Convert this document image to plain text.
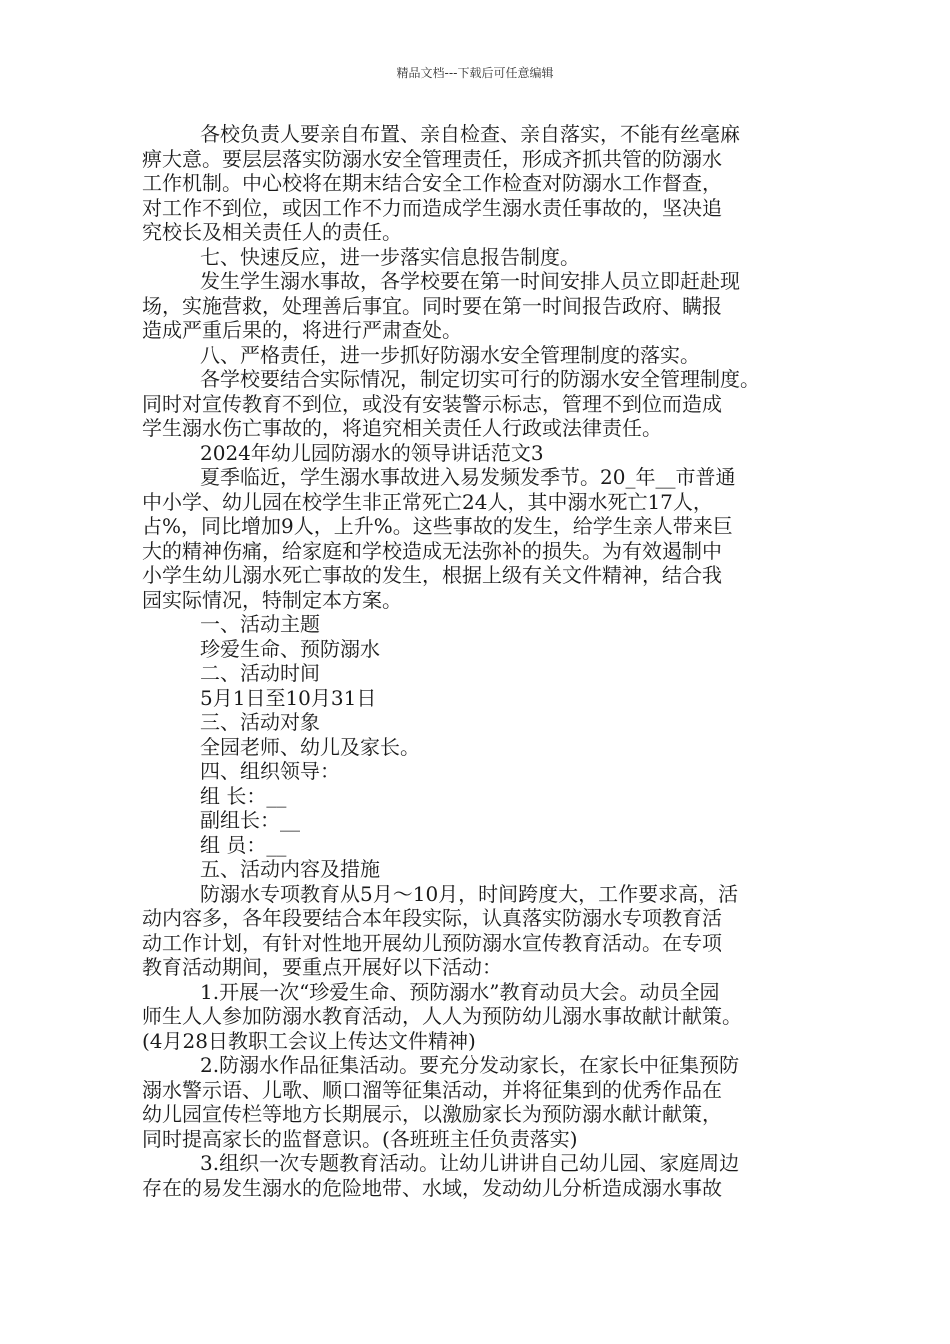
精品文档---下载后可任意编辑
各校负责人要亲自布置、亲自检查、亲自落实，不能有丝毫麻
痹大意。要层层落实防溺水安全管理责任，形成齐抓共管的防溺水
工作机制。中心校将在期末结合安全工作检查对防溺水工作督查，
对工作不到位，或因工作不力而造成学生溺水责任事故的，坚决追
究校长及相关责任人的责任。
七、快速反应，进一步落实信息报告制度。
发生学生溺水事故，各学校要在第一时间安排人员立即赶赴现
场，实施营救，处理善后事宜。同时要在第一时间报告政府、瞒报
造成严重后果的，将进行严肃查处。
八、严格责任，进一步抓好防溺水安全管理制度的落实。
各学校要结合实际情况，制定切实可行的防溺水安全管理制度。
同时对宣传教育不到位，或没有安装警示标志，管理不到位而造成
学生溺水伤亡事故的，将追究相关责任人行政或法律责任。
2024年幼儿园防溺水的领导讲话范文3
夏季临近，学生溺水事故进入易发频发季节。20_年__市普通
中小学、幼儿园在校学生非正常死亡24人，其中溺水死亡17人，
占%，同比增加9人，上升%。这些事故的发生，给学生亲人带来巨
大的精神伤痛，给家庭和学校造成无法弥补的损失。为有效遏制中
小学生幼儿溺水死亡事故的发生，根据上级有关文件精神，结合我
园实际情况，特制定本方案。
一、活动主题
珍爱生命、预防溺水
二、活动时间
5月1日至10月31日
三、活动对象
全园老师、幼儿及家长。
四、组织领导：
组 长：__
副组长：__
组 员：__
五、活动内容及措施
防溺水专项教育从5月～10月，时间跨度大，工作要求高，活
动内容多，各年段要结合本年段实际，认真落实防溺水专项教育活
动工作计划，有针对性地开展幼儿预防溺水宣传教育活动。在专项
教育活动期间，要重点开展好以下活动：
1.开展一次“珍爱生命、预防溺水”教育动员大会。动员全园
师生人人参加防溺水教育活动，人人为预防幼儿溺水事故献计献策。
(4月28日教职工会议上传达文件精神)
2.防溺水作品征集活动。要充分发动家长，在家长中征集预防
溺水警示语、儿歌、顺口溜等征集活动，并将征集到的优秀作品在
幼儿园宣传栏等地方长期展示，以激励家长为预防溺水献计献策，
同时提高家长的监督意识。(各班班主任负责落实)
3.组织一次专题教育活动。让幼儿讲讲自己幼儿园、家庭周边
存在的易发生溺水的危险地带、水域，发动幼儿分析造成溺水事故
